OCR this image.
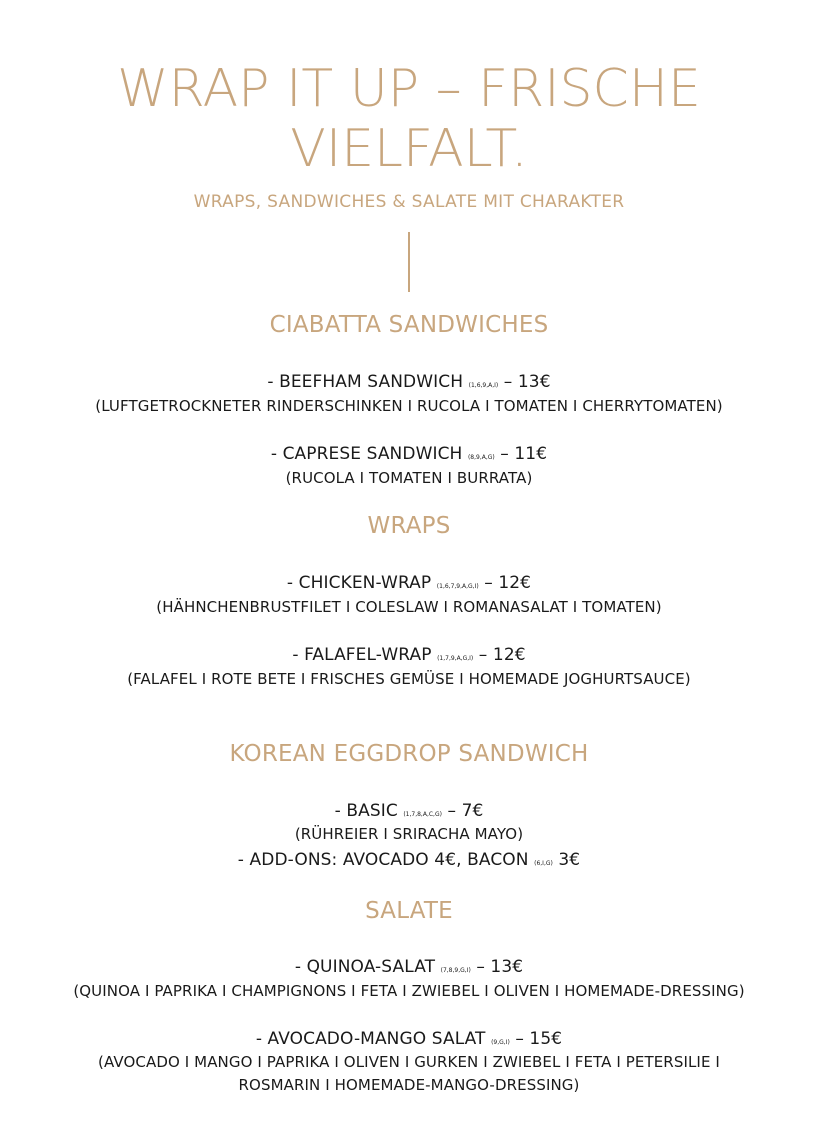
WRAP IT UP – FRISCHE
VIELFALT.
WRAPS, SANDWICHES & SALATE MIT CHARAKTER
CIABATTA SANDWICHES
- BEEFHAM SANDWICH (1,6,9,A,I) – 13€
(LUFTGETROCKNETER RINDERSCHINKEN I RUCOLA I TOMATEN I CHERRYTOMATEN)
- CAPRESE SANDWICH (8,9,A,G) – 11€
(RUCOLA I TOMATEN I BURRATA)
WRAPS
- CHICKEN-WRAP (1,6,7,9,A,G,I) – 12€
(HÄHNCHENBRUSTFILET I COLESLAW I ROMANASALAT I TOMATEN)
- FALAFEL-WRAP (1,7,9,A,G,I) – 12€
(FALAFEL I ROTE BETE I FRISCHES GEMÜSE I HOMEMADE JOGHURTSAUCE)
KOREAN EGGDROP SANDWICH
- BASIC (1,7,8,A,C,G) – 7€
(RÜHREIER I SRIRACHA MAYO)
- ADD-ONS: AVOCADO 4€, BACON (6,I,G) 3€
SALATE
- QUINOA-SALAT (7,8,9,G,I) – 13€
(QUINOA I PAPRIKA I CHAMPIGNONS I FETA I ZWIEBEL I OLIVEN I HOMEMADE-DRESSING)
- AVOCADO-MANGO SALAT (9,G,I) – 15€
(AVOCADO I MANGO I PAPRIKA I OLIVEN I GURKEN I ZWIEBEL I FETA I PETERSILIE I
ROSMARIN I HOMEMADE-MANGO-DRESSING)
